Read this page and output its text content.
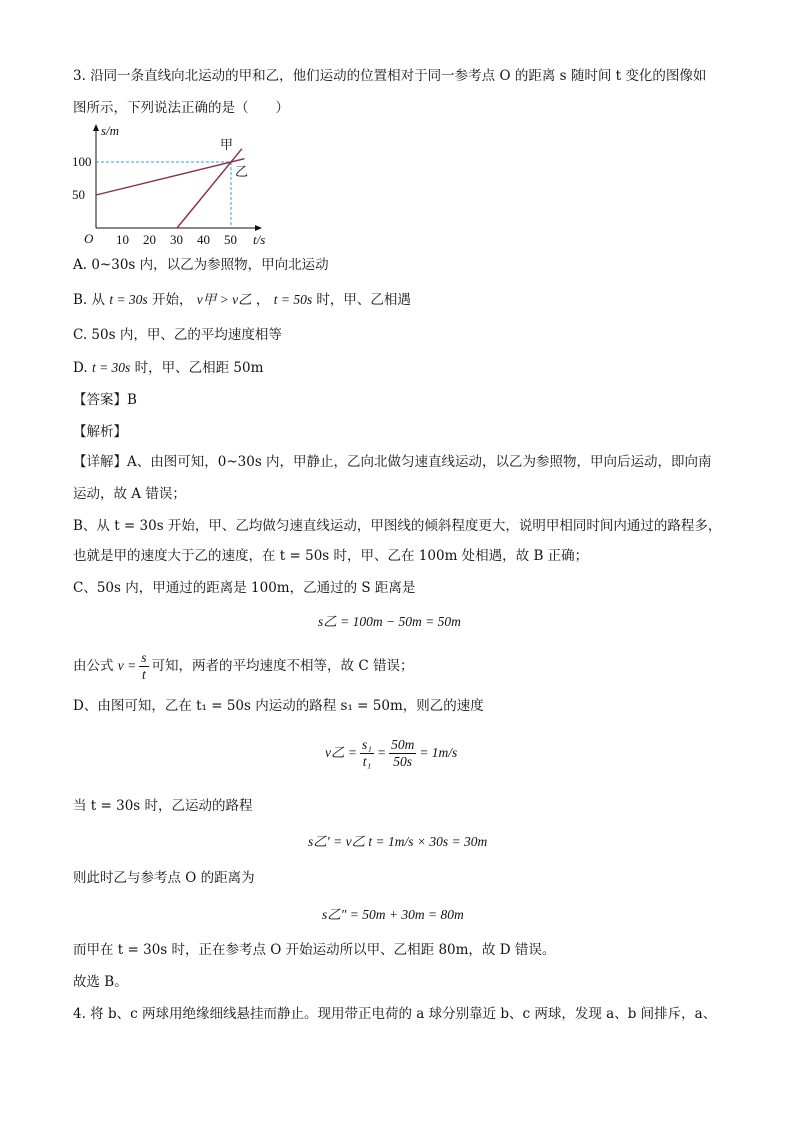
3. 沿同一条直线向北运动的甲和乙，他们运动的位置相对于同一参考点 O 的距离 s 随时间 t 变化的图像如
图所示，下列说法正确的是（　　）
s/m
t/s
O 10 20 30 40 50
50
100
甲
乙
A. 0~30s 内，以乙为参照物，甲向北运动
B. 从 t = 30s 开始， v甲 > v乙 ， t = 50s 时，甲、乙相遇
C. 50s 内，甲、乙的平均速度相等
D. t = 30s 时，甲、乙相距 50m
【答案】B
【解析】
【详解】A、由图可知，0~30s 内，甲静止，乙向北做匀速直线运动，以乙为参照物，甲向后运动，即向南
运动，故 A 错误；
B、从 t = 30s 开始，甲、乙均做匀速直线运动，甲图线的倾斜程度更大，说明甲相同时间内通过的路程多，
也就是甲的速度大于乙的速度，在 t = 50s 时，甲、乙在 100m 处相遇，故 B 正确；
C、50s 内，甲通过的距离是 100m，乙通过的 S 距离是
s乙 = 100m − 50m = 50m
由公式 $v = \frac{s}{t}$ 可知，两者的平均速度不相等，故 C 错误；
D、由图可知，乙在 t₁ = 50s 内运动的路程 s₁ = 50m，则乙的速度
v乙 = $\frac{\text{s₁}}{\text{t₁}} = \frac{50m}{50s} = 1m/s$
当 t = 30s 时，乙运动的路程
s乙′ = v乙 t = 1m/s × 30s = 30m
则此时乙与参考点 O 的距离为
s乙″ = 50m + 30m = 80m
而甲在 t = 30s 时，正在参考点 O 开始运动所以甲、乙相距 80m，故 D 错误。
故选 B。
4. 将 b、c 两球用绝缘细线悬挂而静止。现用带正电荷的 a 球分别靠近 b、c 两球，发现 a、b 间排斥，a、
